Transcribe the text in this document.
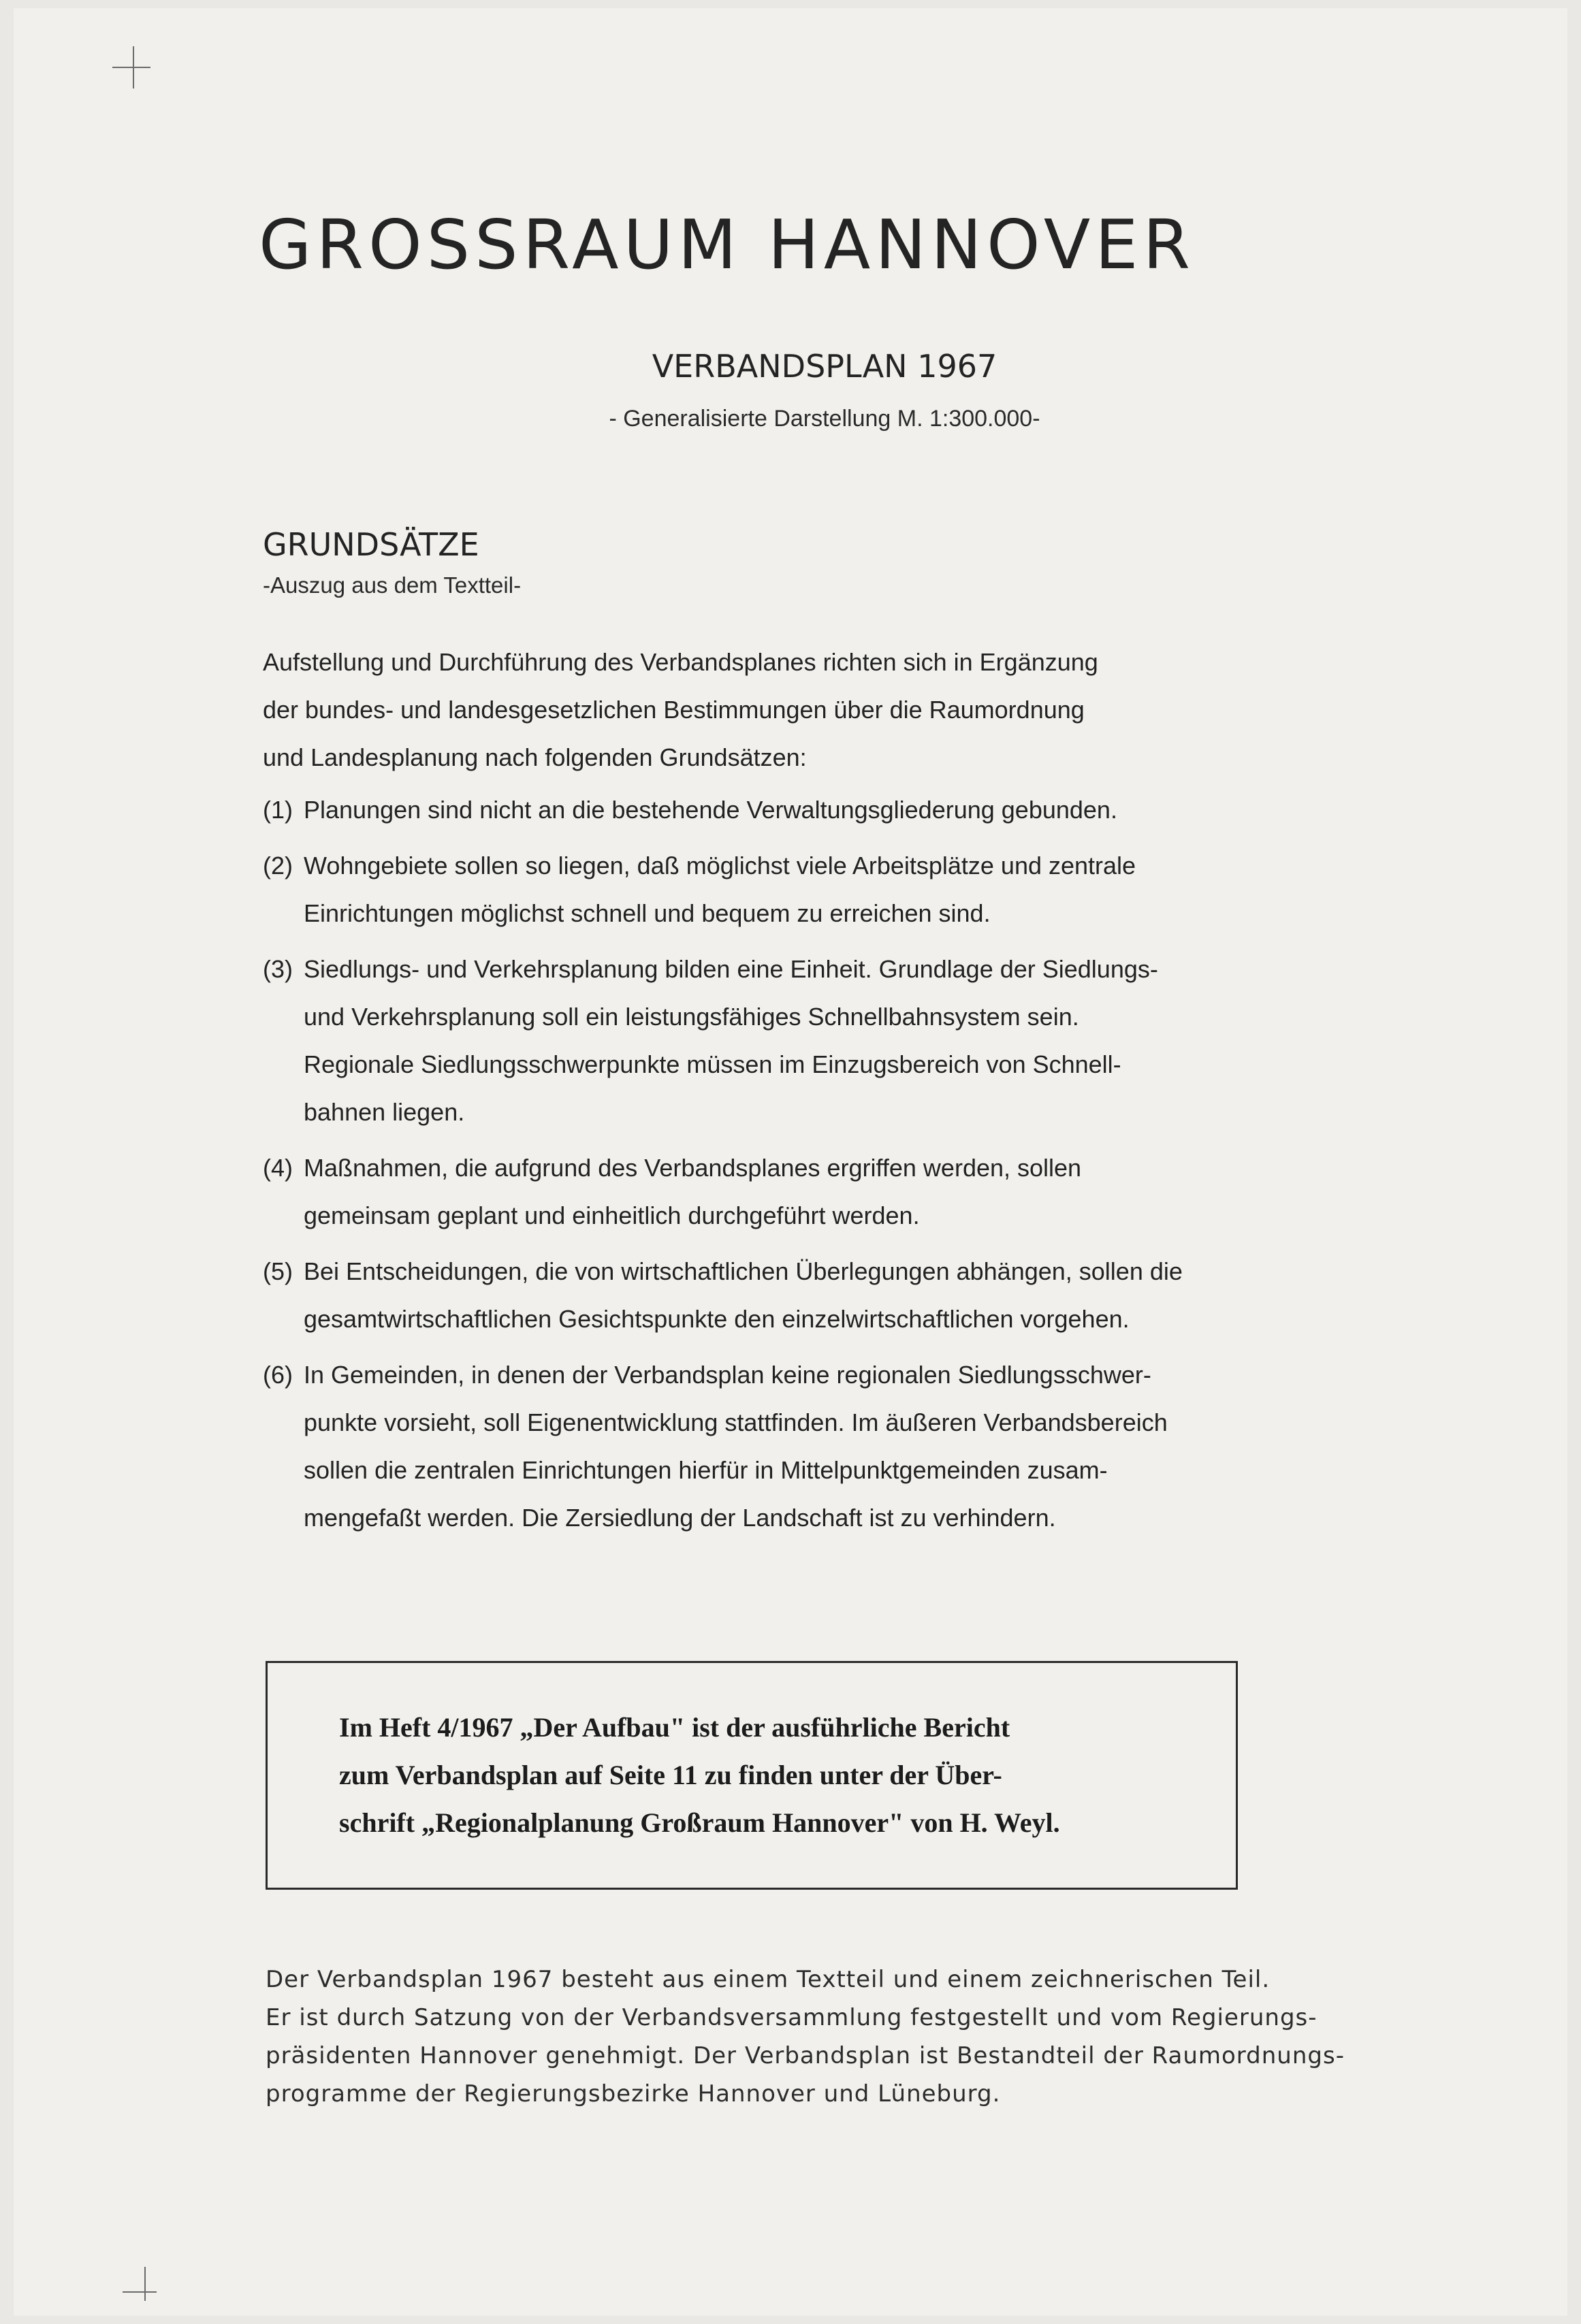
GROSSRAUM HANNOVER
VERBANDSPLAN 1967
- Generalisierte Darstellung M. 1:300.000-
GRUNDSÄTZE
-Auszug aus dem Textteil-
Aufstellung und Durchführung des Verbandsplanes richten sich in Ergänzung
der bundes- und landesgesetzlichen Bestimmungen über die Raumordnung
und Landesplanung nach folgenden Grundsätzen:
(1) Planungen sind nicht an die bestehende Verwaltungsgliederung gebunden.
(2) Wohngebiete sollen so liegen, daß möglichst viele Arbeitsplätze und zentrale
Einrichtungen möglichst schnell und bequem zu erreichen sind.
(3) Siedlungs- und Verkehrsplanung bilden eine Einheit. Grundlage der Siedlungs-
und Verkehrsplanung soll ein leistungsfähiges Schnellbahnsystem sein.
Regionale Siedlungsschwerpunkte müssen im Einzugsbereich von Schnell-
bahnen liegen.
(4) Maßnahmen, die aufgrund des Verbandsplanes ergriffen werden, sollen
gemeinsam geplant und einheitlich durchgeführt werden.
(5) Bei Entscheidungen, die von wirtschaftlichen Überlegungen abhängen, sollen die
gesamtwirtschaftlichen Gesichtspunkte den einzelwirtschaftlichen vorgehen.
(6) In Gemeinden, in denen der Verbandsplan keine regionalen Siedlungsschwer-
punkte vorsieht, soll Eigenentwicklung stattfinden. Im äußeren Verbandsbereich
sollen die zentralen Einrichtungen hierfür in Mittelpunktgemeinden zusam-
mengefaßt werden. Die Zersiedlung der Landschaft ist zu verhindern.
Im Heft 4/1967 „Der Aufbau" ist der ausführliche Bericht
zum Verbandsplan auf Seite 11 zu finden unter der Über-
schrift „Regionalplanung Großraum Hannover" von H. Weyl.
Der Verbandsplan 1967 besteht aus einem Textteil und einem zeichnerischen Teil.
Er ist durch Satzung von der Verbandsversammlung festgestellt und vom Regierungs-
präsidenten Hannover genehmigt. Der Verbandsplan ist Bestandteil der Raumordnungs-
programme der Regierungsbezirke Hannover und Lüneburg.
